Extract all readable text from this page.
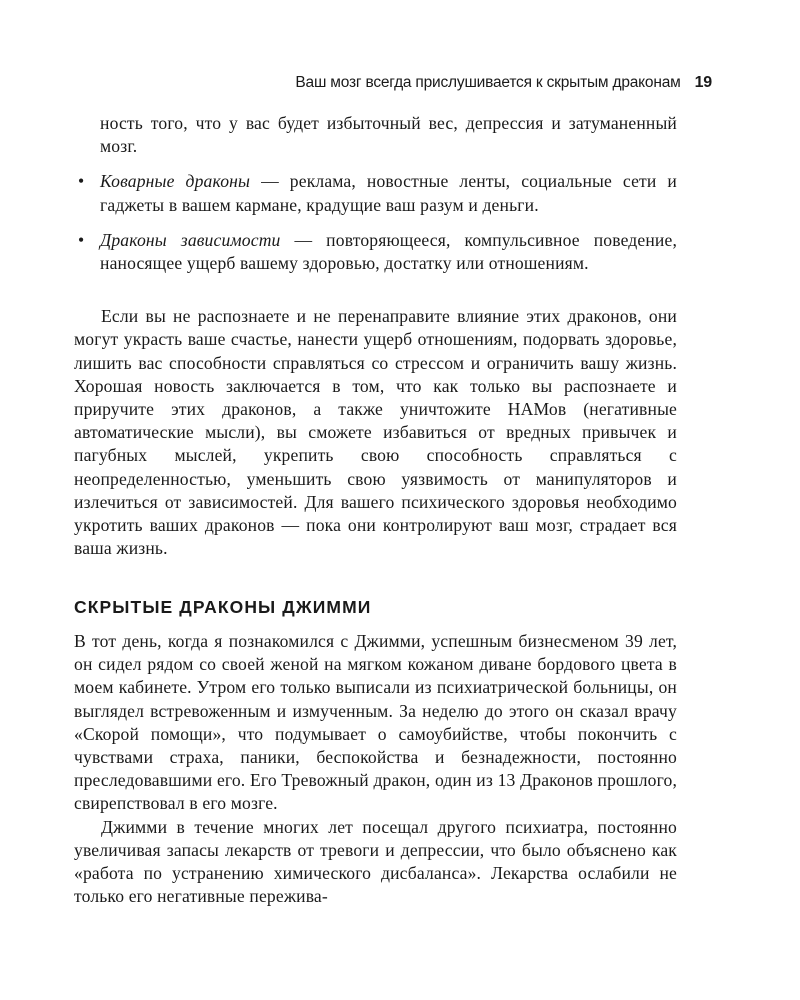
Ваш мозг всегда прислушивается к скрытым драконам 19

ность того, что у вас будет избыточный вес, депрессия и затуманенный мозг.

• Коварные драконы — реклама, новостные ленты, социальные сети и гаджеты в вашем кармане, крадущие ваш разум и деньги.

• Драконы зависимости — повторяющееся, компульсивное поведение, наносящее ущерб вашему здоровью, достатку или отношениям.

Если вы не распознаете и не перенаправите влияние этих драконов, они могут украсть ваше счастье, нанести ущерб отношениям, подорвать здоровье, лишить вас способности справляться со стрессом и ограничить вашу жизнь. Хорошая новость заключается в том, что как только вы распознаете и приручите этих драконов, а также уничтожите НАМов (негативные автоматические мысли), вы сможете избавиться от вредных привычек и пагубных мыслей, укрепить свою способность справляться с неопределенностью, уменьшить свою уязвимость от манипуляторов и излечиться от зависимостей. Для вашего психического здоровья необходимо укротить ваших драконов — пока они контролируют ваш мозг, страдает вся ваша жизнь.

СКРЫТЫЕ ДРАКОНЫ ДЖИММИ

В тот день, когда я познакомился с Джимми, успешным бизнесменом 39 лет, он сидел рядом со своей женой на мягком кожаном диване бордового цвета в моем кабинете. Утром его только выписали из психиатрической больницы, он выглядел встревоженным и измученным. За неделю до этого он сказал врачу «Скорой помощи», что подумывает о самоубийстве, чтобы покончить с чувствами страха, паники, беспокойства и безнадежности, постоянно преследовавшими его. Его Тревожный дракон, один из 13 Драконов прошлого, свирепствовал в его мозге.

Джимми в течение многих лет посещал другого психиатра, постоянно увеличивая запасы лекарств от тревоги и депрессии, что было объяснено как «работа по устранению химического дисбаланса». Лекарства ослабили не только его негативные пережива-
